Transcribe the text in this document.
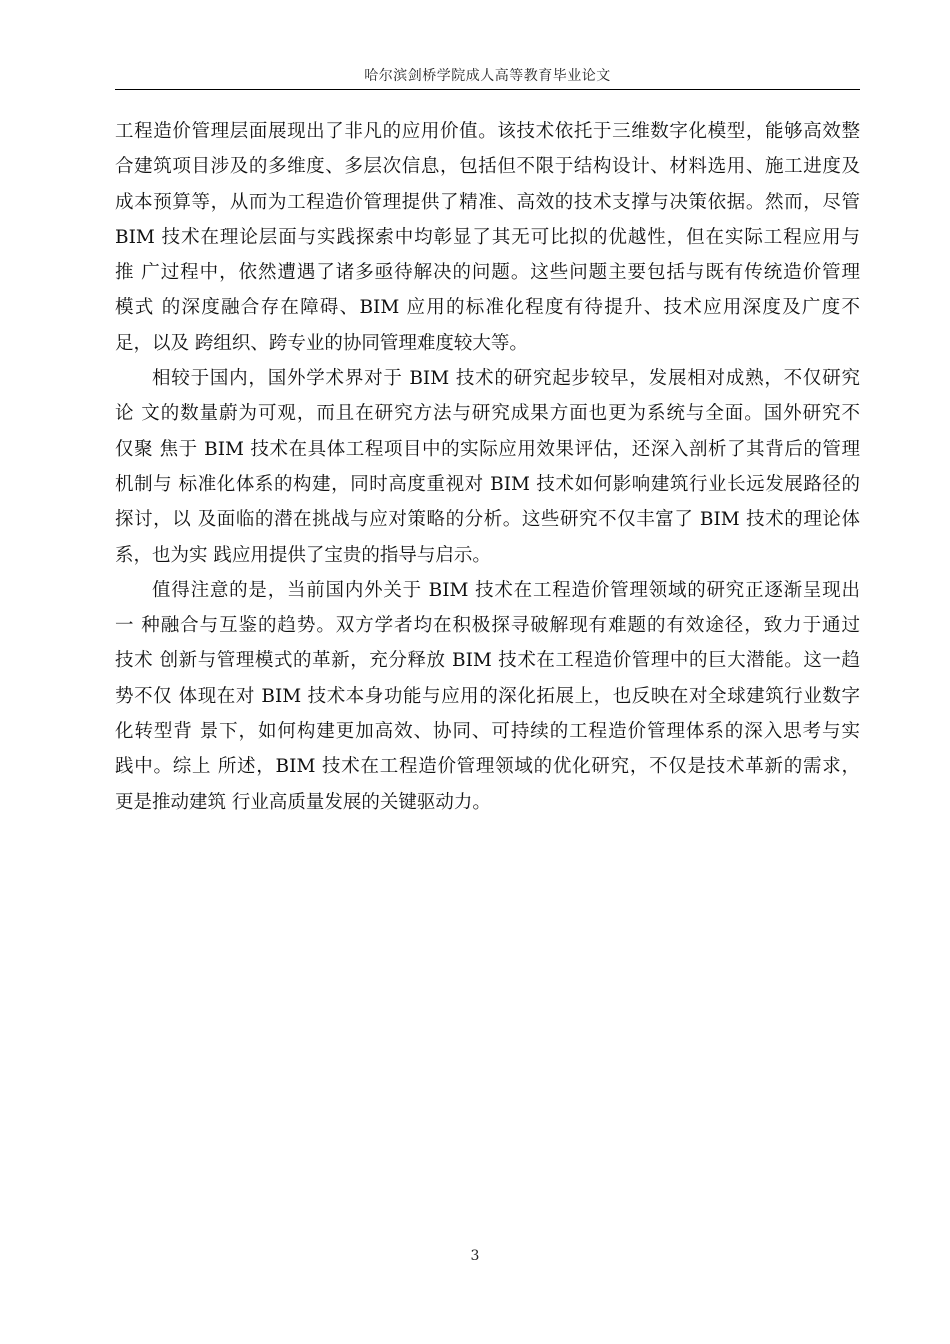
哈尔滨剑桥学院成人高等教育毕业论文
工程造价管理层面展现出了非凡的应用价值。该技术依托于三维数字化模型，能够高效整
合建筑项目涉及的多维度、多层次信息，包括但不限于结构设计、材料选用、施工进度及
成本预算等，从而为工程造价管理提供了精准、高效的技术支撑与决策依据。然而，尽管
BIM 技术在理论层面与实践探索中均彰显了其无可比拟的优越性，但在实际工程应用与
推 广过程中，依然遭遇了诸多亟待解决的问题。这些问题主要包括与既有传统造价管理
模式 的深度融合存在障碍、BIM 应用的标准化程度有待提升、技术应用深度及广度不
足，以及 跨组织、跨专业的协同管理难度较大等。
相较于国内，国外学术界对于 BIM 技术的研究起步较早，发展相对成熟，不仅研究
论 文的数量蔚为可观，而且在研究方法与研究成果方面也更为系统与全面。国外研究不
仅聚 焦于 BIM 技术在具体工程项目中的实际应用效果评估，还深入剖析了其背后的管理
机制与 标准化体系的构建，同时高度重视对 BIM 技术如何影响建筑行业长远发展路径的
探讨，以 及面临的潜在挑战与应对策略的分析。这些研究不仅丰富了 BIM 技术的理论体
系，也为实 践应用提供了宝贵的指导与启示。
值得注意的是，当前国内外关于 BIM 技术在工程造价管理领域的研究正逐渐呈现出
一 种融合与互鉴的趋势。双方学者均在积极探寻破解现有难题的有效途径，致力于通过
技术 创新与管理模式的革新，充分释放 BIM 技术在工程造价管理中的巨大潜能。这一趋
势不仅 体现在对 BIM 技术本身功能与应用的深化拓展上，也反映在对全球建筑行业数字
化转型背 景下，如何构建更加高效、协同、可持续的工程造价管理体系的深入思考与实
践中。综上 所述，BIM 技术在工程造价管理领域的优化研究，不仅是技术革新的需求，
更是推动建筑 行业高质量发展的关键驱动力。
3
